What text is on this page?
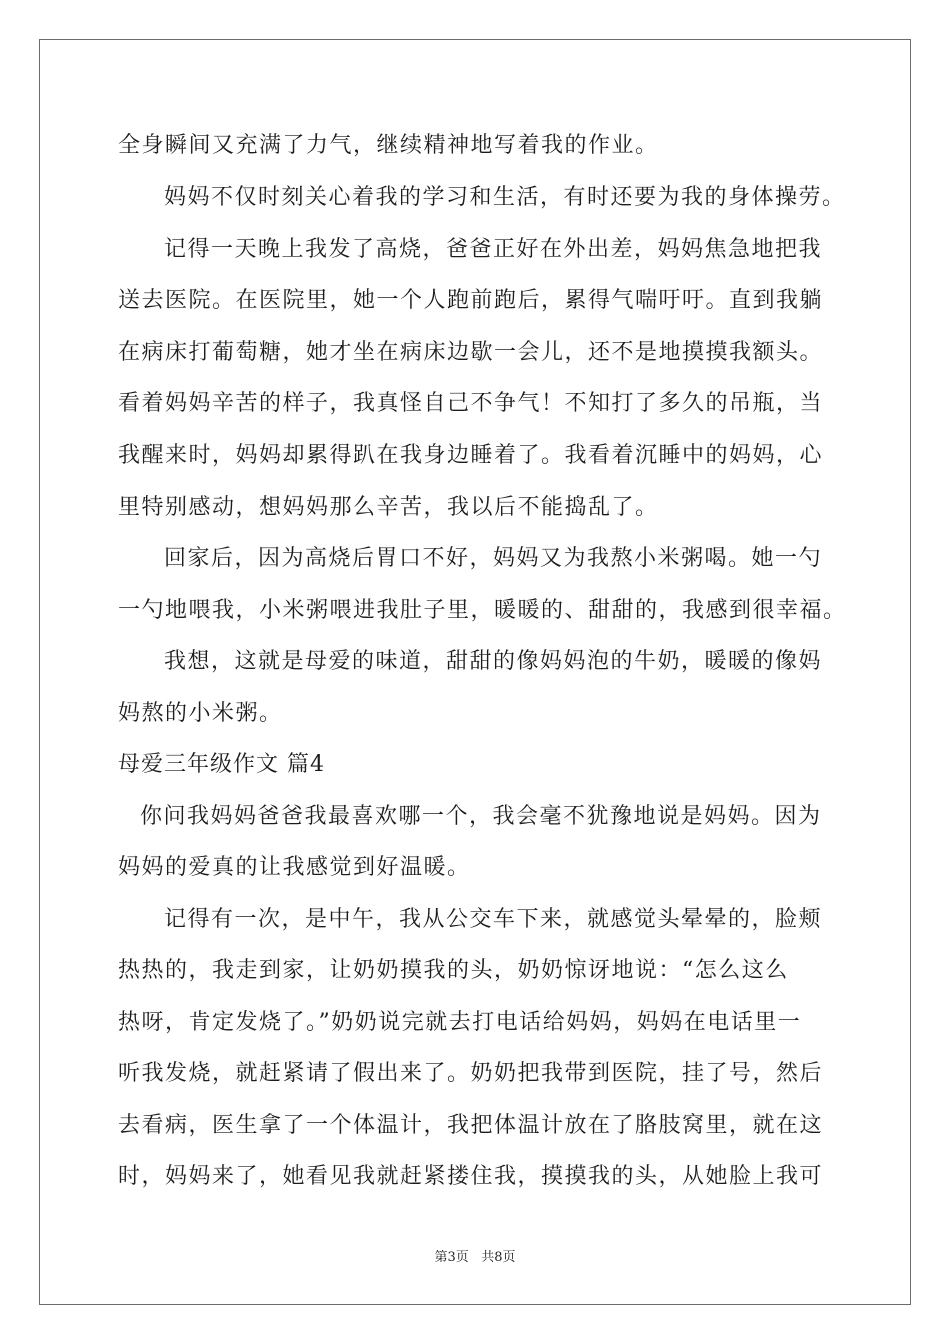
全身瞬间又充满了力气，继续精神地写着我的作业。

妈妈不仅时刻关心着我的学习和生活，有时还要为我的身体操劳。

记得一天晚上我发了高烧，爸爸正好在外出差，妈妈焦急地把我

送去医院。在医院里，她一个人跑前跑后，累得气喘吁吁。直到我躺

在病床打葡萄糖，她才坐在病床边歇一会儿，还不是地摸摸我额头。

看着妈妈辛苦的样子，我真怪自己不争气！不知打了多久的吊瓶，当

我醒来时，妈妈却累得趴在我身边睡着了。我看着沉睡中的妈妈，心

里特别感动，想妈妈那么辛苦，我以后不能捣乱了。

回家后，因为高烧后胃口不好，妈妈又为我熬小米粥喝。她一勺

一勺地喂我，小米粥喂进我肚子里，暖暖的、甜甜的，我感到很幸福。

我想，这就是母爱的味道，甜甜的像妈妈泡的牛奶，暖暖的像妈

妈熬的小米粥。

母爱三年级作文 篇4

你问我妈妈爸爸我最喜欢哪一个，我会毫不犹豫地说是妈妈。因为

妈妈的爱真的让我感觉到好温暖。

记得有一次，是中午，我从公交车下来，就感觉头晕晕的，脸颊

热热的，我走到家，让奶奶摸我的头，奶奶惊讶地说：“怎么这么

热呀，肯定发烧了。”奶奶说完就去打电话给妈妈，妈妈在电话里一

听我发烧，就赶紧请了假出来了。奶奶把我带到医院，挂了号，然后

去看病，医生拿了一个体温计，我把体温计放在了胳肢窝里，就在这

时，妈妈来了，她看见我就赶紧搂住我，摸摸我的头，从她脸上我可

第3页 共8页
